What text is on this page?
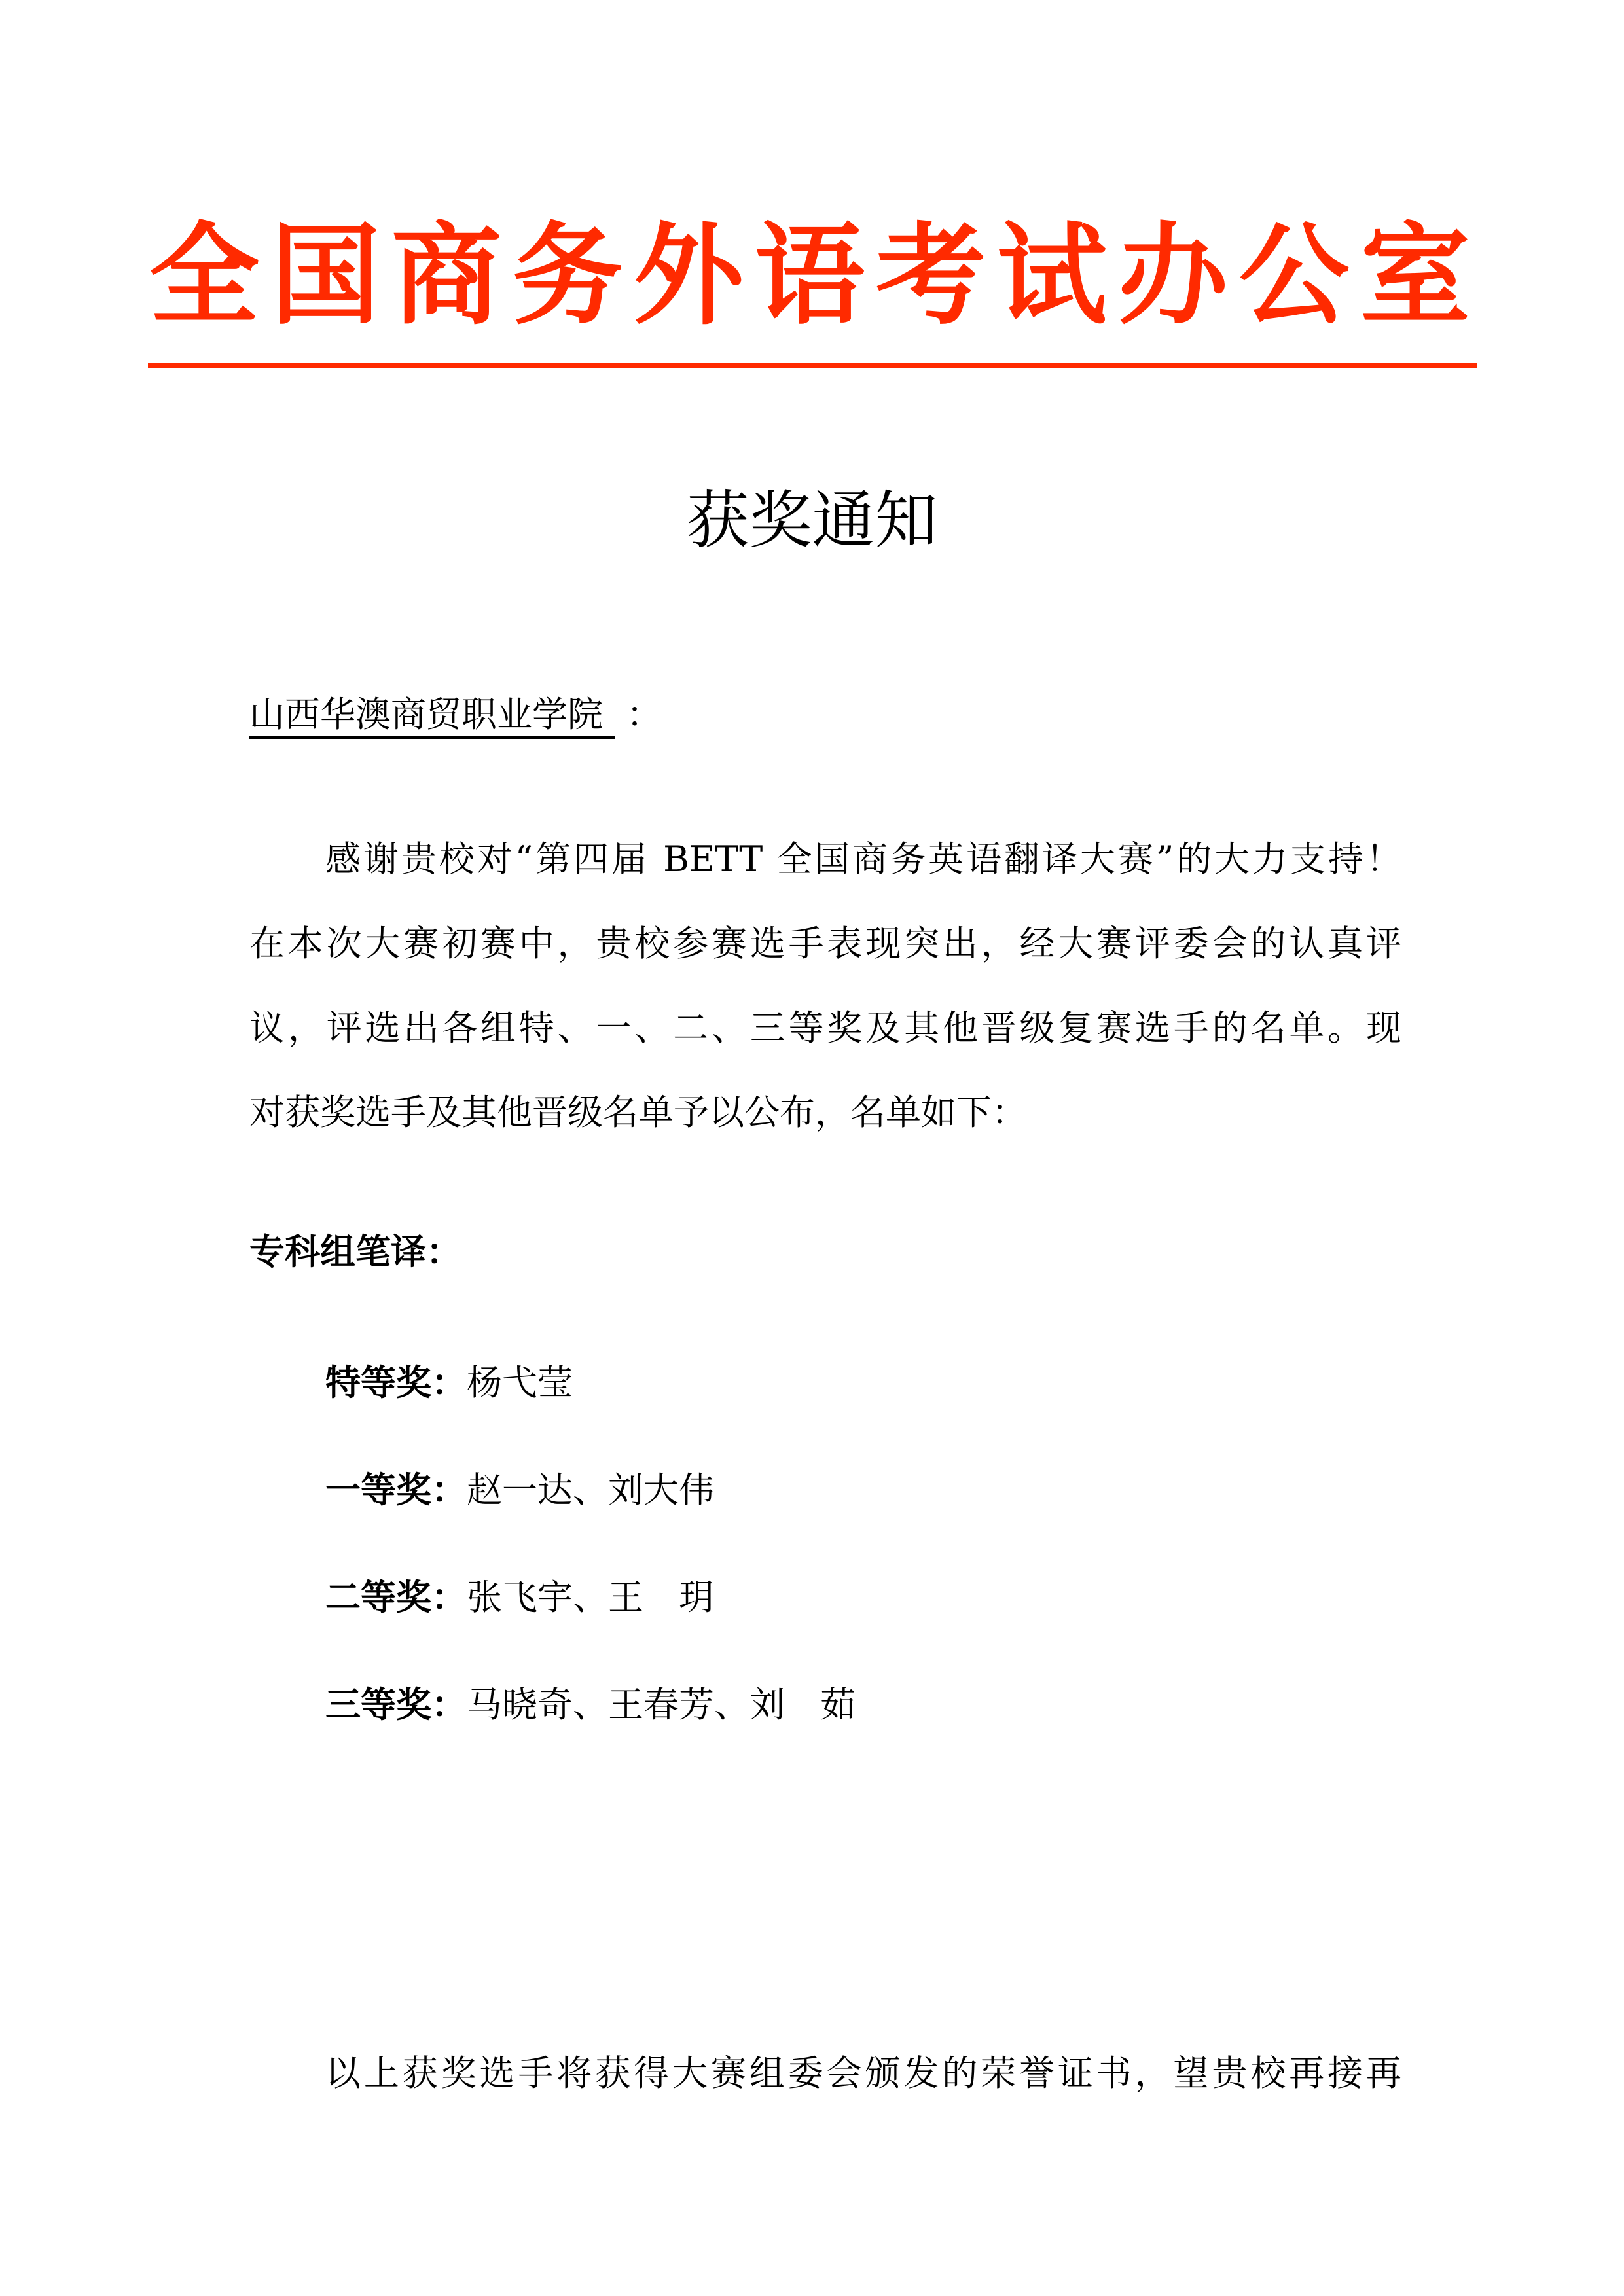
全国商务外语考试办公室
获奖通知
山西华澳商贸职业学院 ：
感谢贵校对“第四届 BETT 全国商务英语翻译大赛”的大力支持！
在本次大赛初赛中，贵校参赛选手表现突出，经大赛评委会的认真评
议，评选出各组特、一、二、三等奖及其他晋级复赛选手的名单。现
对获奖选手及其他晋级名单予以公布，名单如下：
专科组笔译：
特等奖：杨弋莹
一等奖：赵一达、刘大伟
二等奖：张飞宇、王　玥
三等奖：马晓奇、王春芳、刘　茹
以上获奖选手将获得大赛组委会颁发的荣誉证书，望贵校再接再
